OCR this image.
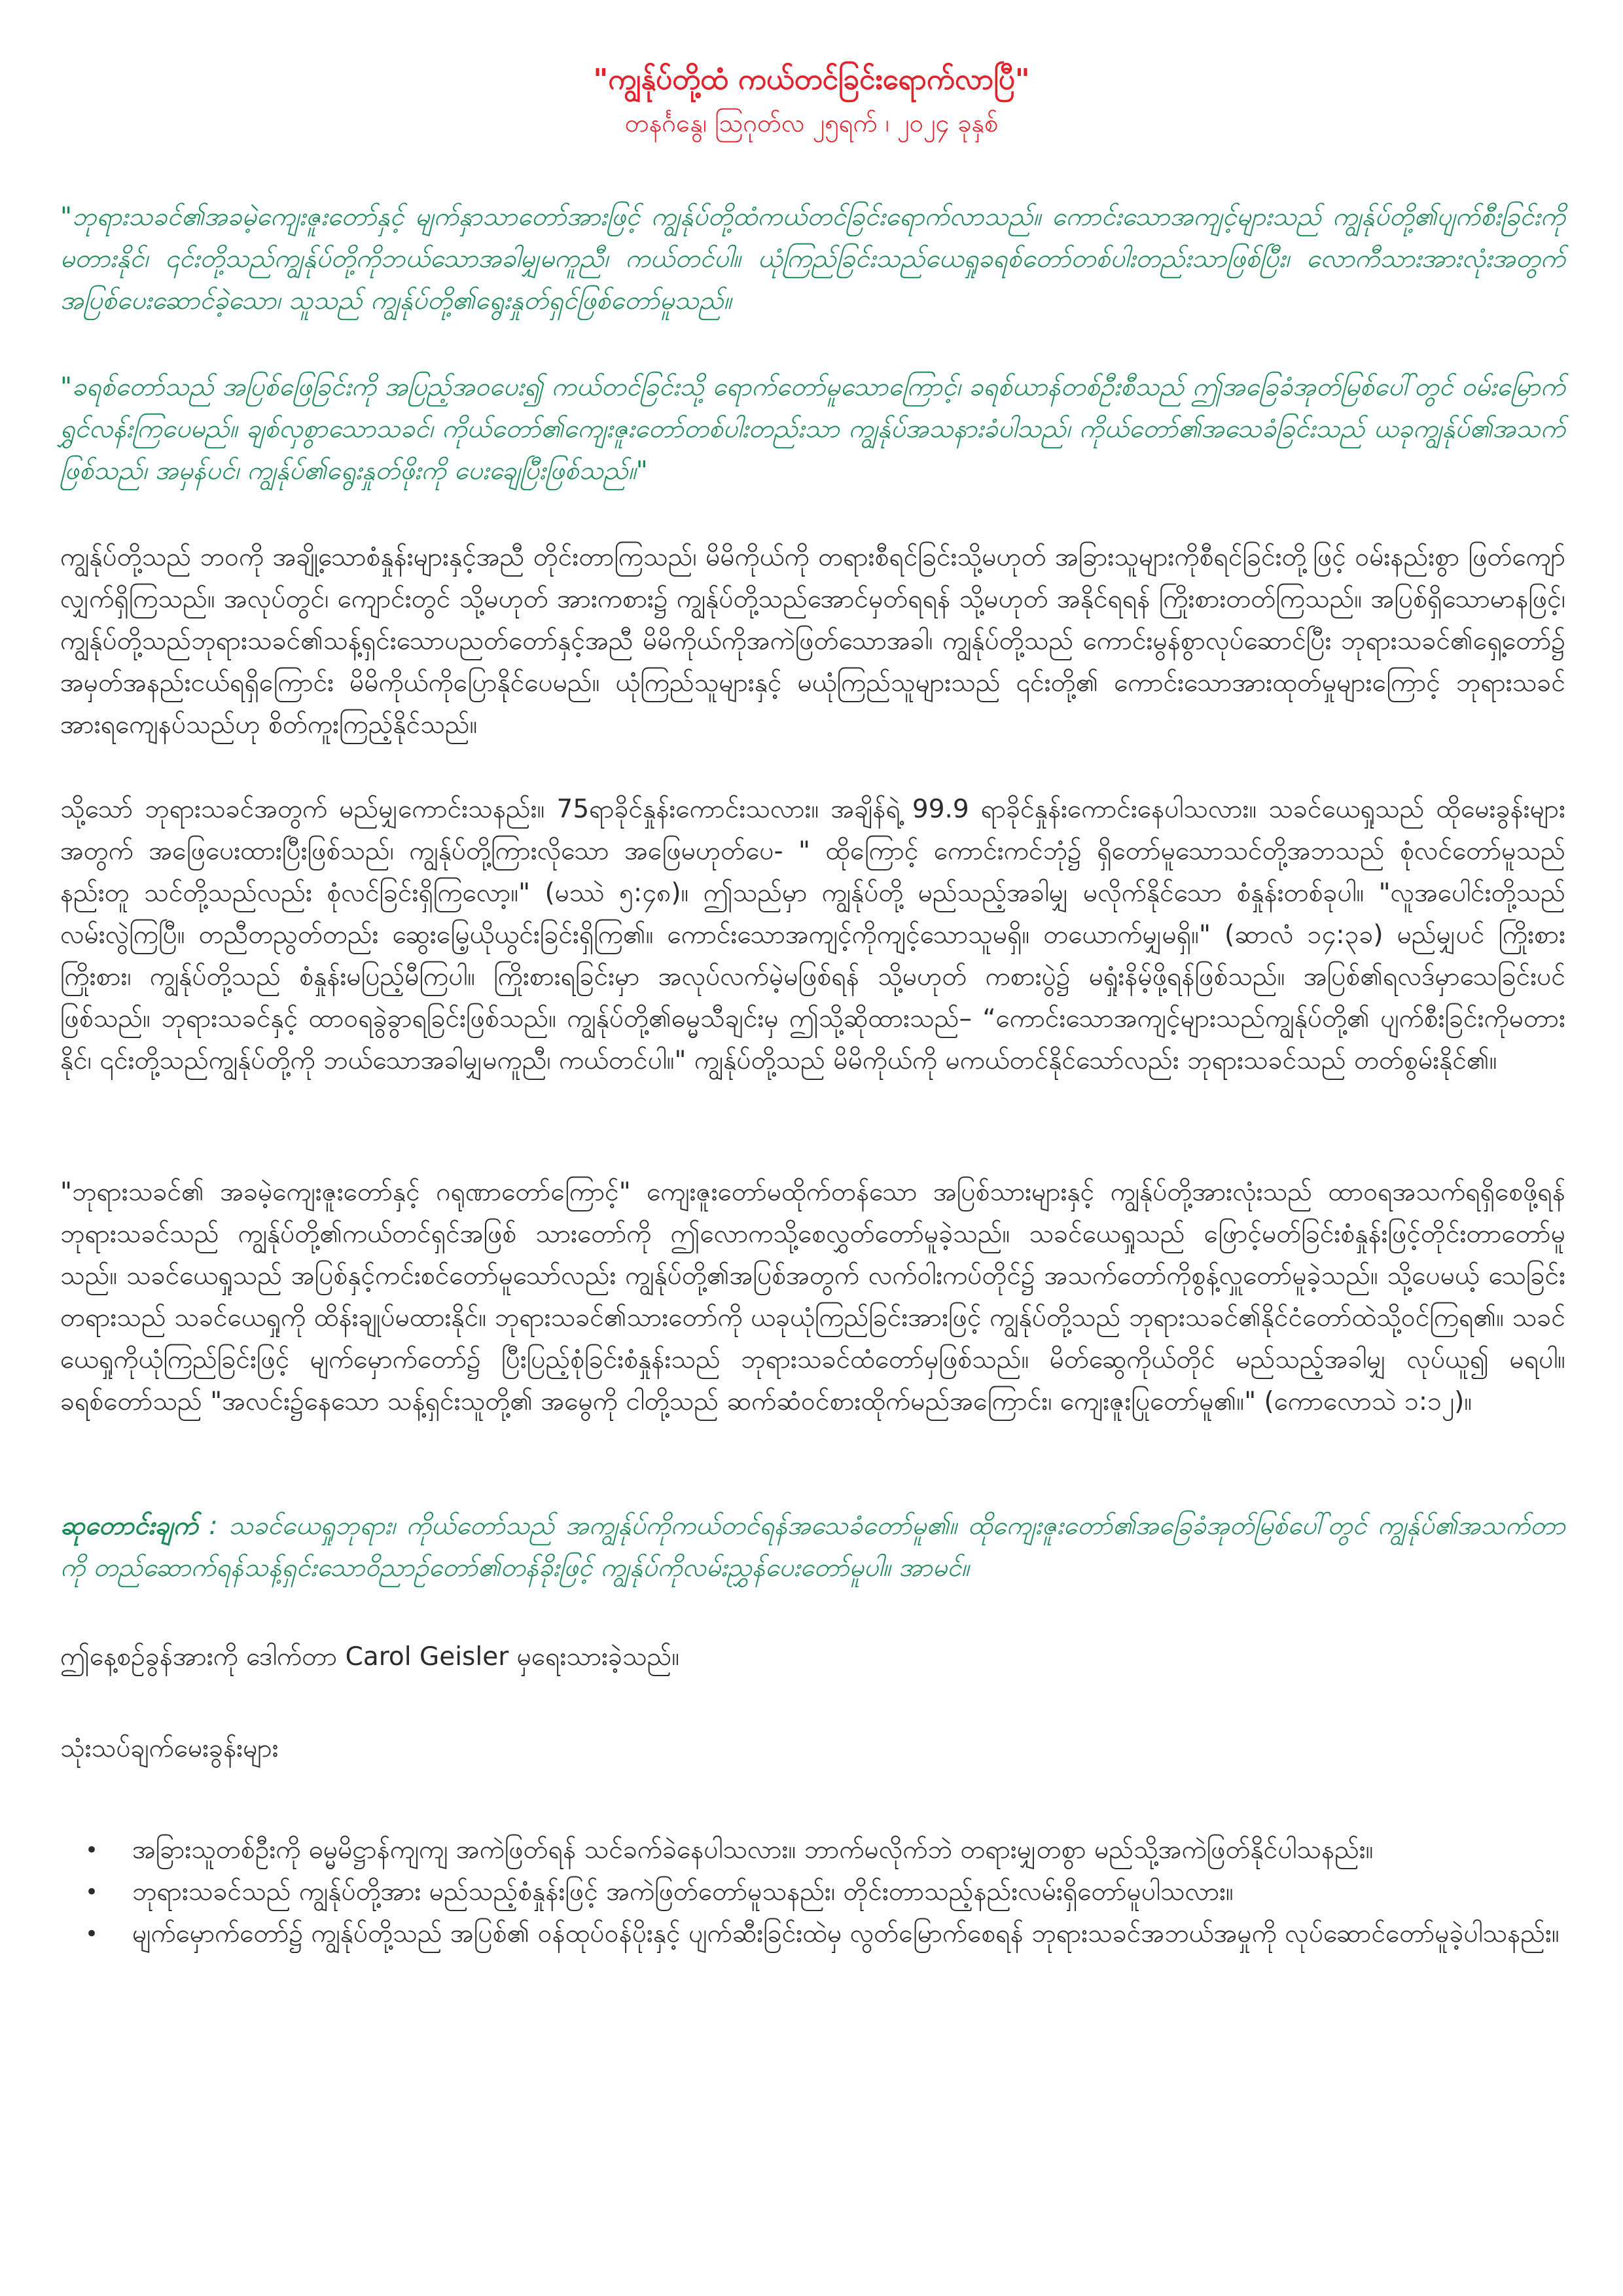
"ကျွန်ုပ်တို့ထံ ကယ်တင်ခြင်းရောက်လာပြီ"
တနင်္ဂနွေ၊ ဩဂုတ်လ ၂၅ရက် ၊ ၂၀၂၄ ခုနှစ်

"ဘုရားသခင်၏အခမဲ့ကျေးဇူးတော်နှင့် မျက်နှာသာတော်အားဖြင့် ကျွန်ုပ်တို့ထံကယ်တင်ခြင်းရောက်လာသည်။ ကောင်းသောအကျင့်များသည် ကျွန်ုပ်တို့၏ပျက်စီးခြင်းကိုမတားနိုင်၊ ၎င်းတို့သည်ကျွန်ုပ်တို့ကိုဘယ်သောအခါမျှမကူညီ၊ ကယ်တင်ပါ။ ယုံကြည်ခြင်းသည်ယေရှုခရစ်တော်တစ်ပါးတည်းသာဖြစ်ပြီး၊ လောကီသားအားလုံးအတွက်အပြစ်ပေးဆောင်ခဲ့သော၊ သူသည် ကျွန်ုပ်တို့၏ရွေးနှုတ်ရှင်ဖြစ်တော်မူသည်။

"ခရစ်တော်သည် အပြစ်ဖြေခြင်းကို အပြည့်အဝပေး၍ ကယ်တင်ခြင်းသို့ ရောက်တော်မူသောကြောင့်၊ ခရစ်ယာန်တစ်ဦးစီသည် ဤအခြေခံအုတ်မြစ်ပေါ်တွင် ဝမ်းမြောက်ရွှင်လန်းကြပေမည်။ ချစ်လှစွာသောသခင်၊ ကိုယ်တော်၏ကျေးဇူးတော်တစ်ပါးတည်းသာ ကျွန်ုပ်အသနားခံပါသည်၊ ကိုယ်တော်၏အသေခံခြင်းသည် ယခုကျွန်ုပ်၏အသက်ဖြစ်သည်၊ အမှန်ပင်၊ ကျွန်ုပ်၏ရွေးနှုတ်ဖိုးကို ပေးချေပြီးဖြစ်သည်။"

ကျွန်ုပ်တို့သည် ဘဝကို အချို့သောစံနှုန်းများနှင့်အညီ တိုင်းတာကြသည်၊ မိမိကိုယ်ကို တရားစီရင်ခြင်းသို့မဟုတ် အခြားသူများကိုစီရင်ခြင်းတို့ဖြင့် ဝမ်းနည်းစွာ ဖြတ်ကျော်လျှက်ရှိကြသည်။ အလုပ်တွင်၊ ကျောင်းတွင် သို့မဟုတ် အားကစား၌ ကျွန်ုပ်တို့သည်အောင်မှတ်ရရန် သို့မဟုတ် အနိုင်ရရန် ကြိုးစားတတ်ကြသည်။ အပြစ်ရှိသောမာနဖြင့်၊ ကျွန်ုပ်တို့သည်ဘုရားသခင်၏သန့်ရှင်းသောပညတ်တော်နှင့်အညီ မိမိကိုယ်ကိုအကဲဖြတ်သောအခါ၊ ကျွန်ုပ်တို့သည် ကောင်းမွန်စွာလုပ်ဆောင်ပြီး ဘုရားသခင်၏ရှေ့တော်၌ အမှတ်အနည်းငယ်ရရှိကြောင်း မိမိကိုယ်ကိုပြောနိုင်ပေမည်။ ယုံကြည်သူများနှင့် မယုံကြည်သူများသည် ၎င်းတို့၏ ကောင်းသောအားထုတ်မှုများကြောင့် ဘုရားသခင်အားရကျေနပ်သည်ဟု စိတ်ကူးကြည့်နိုင်သည်။

သို့သော် ဘုရားသခင်အတွက် မည်မျှကောင်းသနည်း။ 75ရာခိုင်နှုန်းကောင်းသလား။ အချိန်ရဲ့ 99.9 ရာခိုင်နှုန်းကောင်းနေပါသလား။ သခင်ယေရှုသည် ထိုမေးခွန်းများအတွက် အဖြေပေးထားပြီးဖြစ်သည်၊ ကျွန်ုပ်တို့ကြားလိုသော အဖြေမဟုတ်ပေ- " ထိုကြောင့် ကောင်းကင်ဘုံ၌ ရှိတော်မူသောသင်တို့အဘသည် စုံလင်တော်မူသည်နည်းတူ သင်တို့သည်လည်း စုံလင်ခြင်းရှိကြလော့။" (မဿဲ ၅:၄၈)။ ဤသည်မှာ ကျွန်ုပ်တို့ မည်သည့်အခါမျှ မလိုက်နိုင်သော စံနှုန်းတစ်ခုပါ။ "လူအပေါင်းတို့သည် လမ်းလွဲကြပြီ။ တညီတညွတ်တည်း ဆွေးမြေ့ယိုယွင်းခြင်းရှိကြ၏။ ကောင်းသောအကျင့်ကိုကျင့်သောသူမရှိ။ တယောက်မျှမရှိ။" (ဆာလံ ၁၄:၃ခ) မည်မျှပင် ကြိုးစားကြိုးစား၊ ကျွန်ုပ်တို့သည် စံနှုန်းမပြည့်မီကြပါ။ ကြိုးစားရခြင်းမှာ အလုပ်လက်မဲ့မဖြစ်ရန် သို့မဟုတ် ကစားပွဲ၌ မရှုံးနိမ့်ဖို့ရန်ဖြစ်သည်။ အပြစ်၏ရလဒ်မှာသေခြင်းပင်ဖြစ်သည်။ ဘုရားသခင်နှင့် ထာဝရခွဲခွာရခြင်းဖြစ်သည်။ ကျွန်ုပ်တို့၏ဓမ္မသီချင်းမှ ဤသို့ဆိုထားသည်– “ကောင်းသောအကျင့်များသည်ကျွန်ုပ်တို့၏ ပျက်စီးခြင်းကိုမတားနိုင်၊ ၎င်းတို့သည်ကျွန်ုပ်တို့ကို ဘယ်သောအခါမျှမကူညီ၊ ကယ်တင်ပါ။" ကျွန်ုပ်တို့သည် မိမိကိုယ်ကို မကယ်တင်နိုင်သော်လည်း ဘုရားသခင်သည် တတ်စွမ်းနိုင်၏။

"ဘုရားသခင်၏ အခမဲ့ကျေးဇူးတော်နှင့် ဂရုဏာတော်ကြောင့်" ကျေးဇူးတော်မထိုက်တန်သော အပြစ်သားများနှင့် ကျွန်ုပ်တို့အားလုံးသည် ထာဝရအသက်ရရှိစေဖို့ရန် ဘုရားသခင်သည် ကျွန်ုပ်တို့၏ကယ်တင်ရှင်အဖြစ် သားတော်ကို ဤလောကသို့စေလွှတ်တော်မူခဲ့သည်။ သခင်ယေရှုသည် ဖြောင့်မတ်ခြင်းစံနှုန်းဖြင့်တိုင်းတာတော်မူသည်။ သခင်ယေရှုသည် အပြစ်နှင့်ကင်းစင်တော်မူသော်လည်း ကျွန်ုပ်တို့၏အပြစ်အတွက် လက်ဝါးကပ်တိုင်၌ အသက်တော်ကိုစွန့်လှူတော်မူခဲ့သည်။ သို့ပေမယ့် သေခြင်းတရားသည် သခင်ယေရှုကို ထိန်းချုပ်မထားနိုင်။ ဘုရားသခင်၏သားတော်ကို ယခုယုံကြည်ခြင်းအားဖြင့် ကျွန်ုပ်တို့သည် ဘုရားသခင်၏နိုင်ငံတော်ထဲသို့ဝင်ကြရ၏။ သခင်ယေရှုကိုယုံကြည်ခြင်းဖြင့် မျက်မှောက်တော်၌ ပြီးပြည့်စုံခြင်းစံနှုန်းသည် ဘုရားသခင်ထံတော်မှဖြစ်သည်။ မိတ်ဆွေကိုယ်တိုင် မည်သည့်အခါမျှ လုပ်ယူ၍ မရပါ။ ခရစ်တော်သည် "အလင်း၌နေသော သန့်ရှင်းသူတို့၏ အမွေကို ငါတို့သည် ဆက်ဆံဝင်စားထိုက်မည်အကြောင်း၊ ကျေးဇူးပြုတော်မူ၏။" (ကောလောသဲ ၁:၁၂)။

ဆုတောင်းချက် : သခင်ယေရှုဘုရား၊ ကိုယ်တော်သည် အကျွန်ုပ်ကိုကယ်တင်ရန်အသေခံတော်မူ၏။ ထိုကျေးဇူးတော်၏အခြေခံအုတ်မြစ်ပေါ်တွင် ကျွန်ုပ်၏အသက်တာကို တည်ဆောက်ရန်သန့်ရှင်းသောဝိညာဉ်တော်၏တန်ခိုးဖြင့် ကျွန်ုပ်ကိုလမ်းညွှန်ပေးတော်မူပါ။ အာမင်။

ဤနေ့စဉ်ခွန်အားကို ဒေါက်တာ Carol Geisler မှရေးသားခဲ့သည်။

သုံးသပ်ချက်မေးခွန်းများ

• အခြားသူတစ်ဦးကို ဓမ္မမိဋ္ဌာန်ကျကျ အကဲဖြတ်ရန် သင်ခက်ခဲနေပါသလား။ ဘာက်မလိုက်ဘဲ တရားမျှတစွာ မည်သို့အကဲဖြတ်နိုင်ပါသနည်း။
• ဘုရားသခင်သည် ကျွန်ုပ်တို့အား မည်သည့်စံနှုန်းဖြင့် အကဲဖြတ်တော်မူသနည်း၊ တိုင်းတာသည့်နည်းလမ်းရှိတော်မူပါသလား။
• မျက်မှောက်တော်၌ ကျွန်ုပ်တို့သည် အပြစ်၏ ဝန်ထုပ်ဝန်ပိုးနှင့် ပျက်ဆီးခြင်းထဲမှ လွတ်မြောက်စေရန် ဘုရားသခင်အဘယ်အမှုကို လုပ်ဆောင်တော်မူခဲ့ပါသနည်း။
